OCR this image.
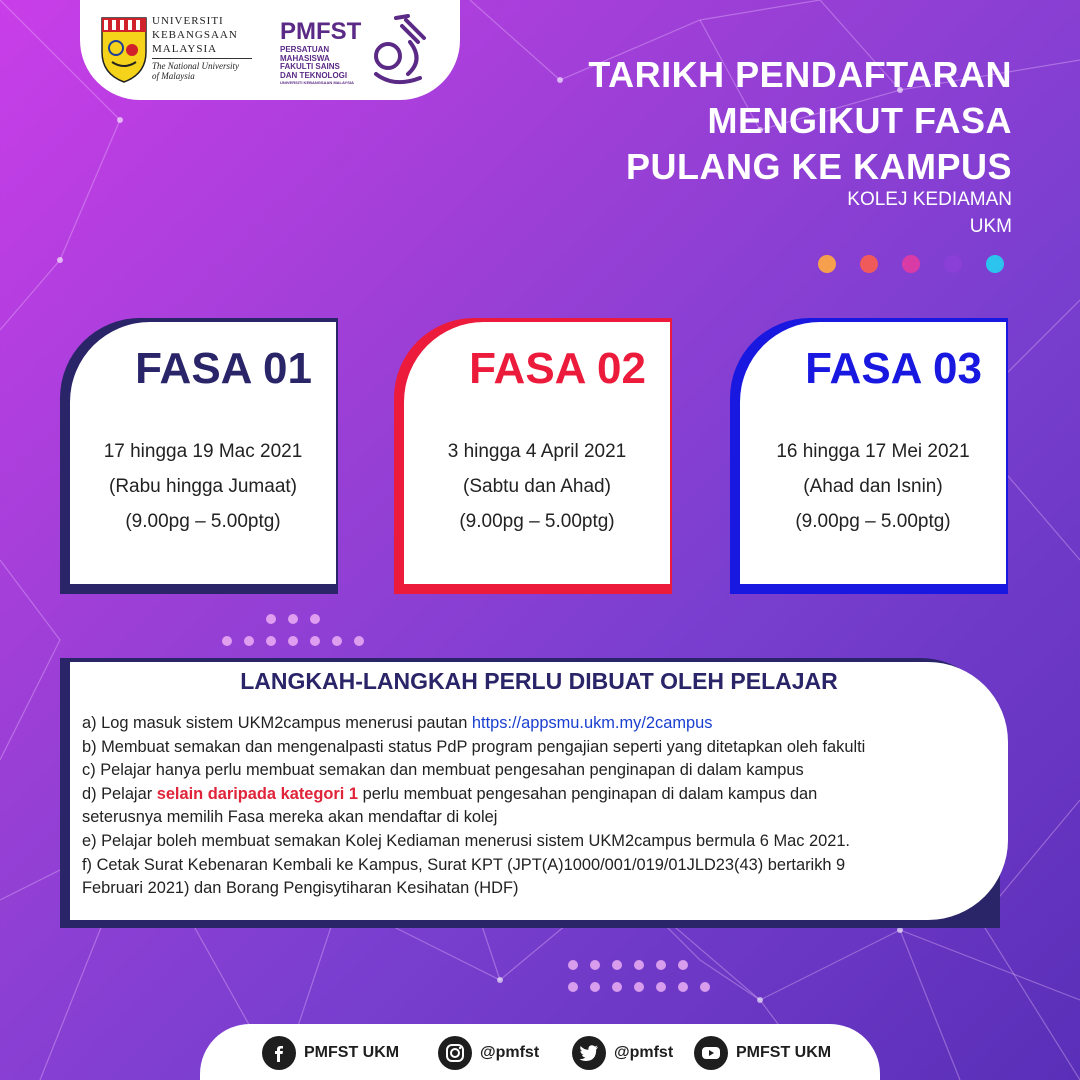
UNIVERSITI
KEBANGSAAN
MALAYSIA
The National University
of Malaysia
PMFST
PERSATUAN
MAHASISWA
FAKULTI SAINS
DAN TEKNOLOGI
UNIVERSITI KEBANGSAAN MALAYSIA	TARIKH PENDAFTARAN
MENGIKUT FASA
PULANG KE KAMPUS
KOLEJ KEDIAMAN
UKM
FASA 01
17 hingga 19 Mac 2021
(Rabu hingga Jumaat)
(9.00pg – 5.00ptg)
FASA 02
3 hingga 4 April 2021
(Sabtu dan Ahad)
(9.00pg – 5.00ptg)
FASA 03
16 hingga 17 Mei 2021
(Ahad dan Isnin)
(9.00pg – 5.00ptg)
LANGKAH-LANGKAH PERLU DIBUAT OLEH PELAJAR
a) Log masuk sistem UKM2campus menerusi pautan https://appsmu.ukm.my/2campus
b) Membuat semakan dan mengenalpasti status PdP program pengajian seperti yang ditetapkan oleh fakulti
c) Pelajar hanya perlu membuat semakan dan membuat pengesahan penginapan di dalam kampus
d) Pelajar selain daripada kategori 1 perlu membuat pengesahan penginapan di dalam kampus dan
seterusnya memilih Fasa mereka akan mendaftar di kolej
e) Pelajar boleh membuat semakan Kolej Kediaman menerusi sistem UKM2campus bermula 6 Mac 2021.
f) Cetak Surat Kebenaran Kembali ke Kampus, Surat KPT (JPT(A)1000/001/019/01JLD23(43) bertarikh 9
Februari 2021) dan Borang Pengisytiharan Kesihatan (HDF)
PMFST UKM	@pmfst	@pmfst	PMFST UKM
